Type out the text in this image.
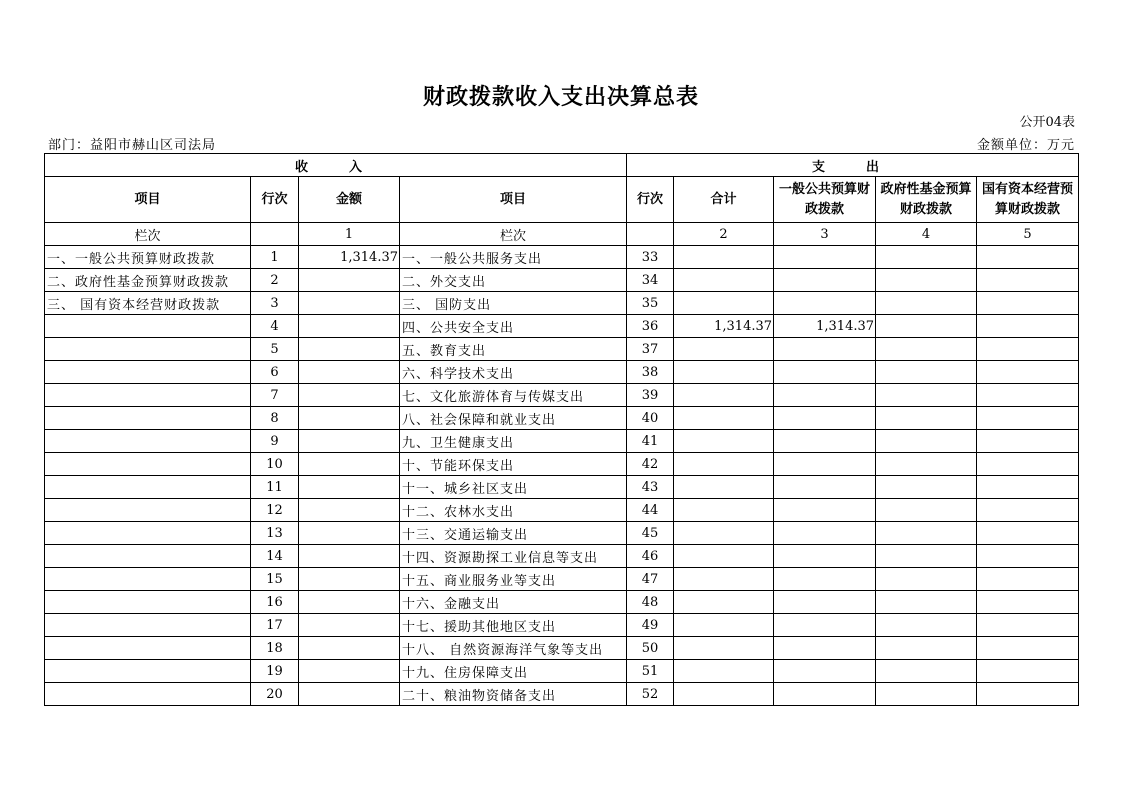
财政拨款收入支出决算总表
公开04表
部门：益阳市赫山区司法局	金额单位：万元
收　入				支　出				
项目	行次	金额	项目	行次	合计	一般公共预算财政拨款	政府性基金预算财政拨款	国有资本经营预算财政拨款
栏次		1	栏次		2	3	4	5
一、一般公共预算财政拨款	1	1,314.37	一、一般公共服务支出	33				
二、政府性基金预算财政拨款	2		二、外交支出	34				
三、 国有资本经营财政拨款	3		三、 国防支出	35				
	4		四、公共安全支出	36	1,314.37	1,314.37		
	5		五、教育支出	37				
	6		六、科学技术支出	38				
	7		七、文化旅游体育与传媒支出	39				
	8		八、社会保障和就业支出	40				
	9		九、卫生健康支出	41				
	10		十、节能环保支出	42				
	11		十一、城乡社区支出	43				
	12		十二、农林水支出	44				
	13		十三、交通运输支出	45				
	14		十四、资源勘探工业信息等支出	46				
	15		十五、商业服务业等支出	47				
	16		十六、金融支出	48				
	17		十七、援助其他地区支出	49				
	18		十八、 自然资源海洋气象等支出	50				
	19		十九、住房保障支出	51				
	20		二十、粮油物资储备支出	52				
